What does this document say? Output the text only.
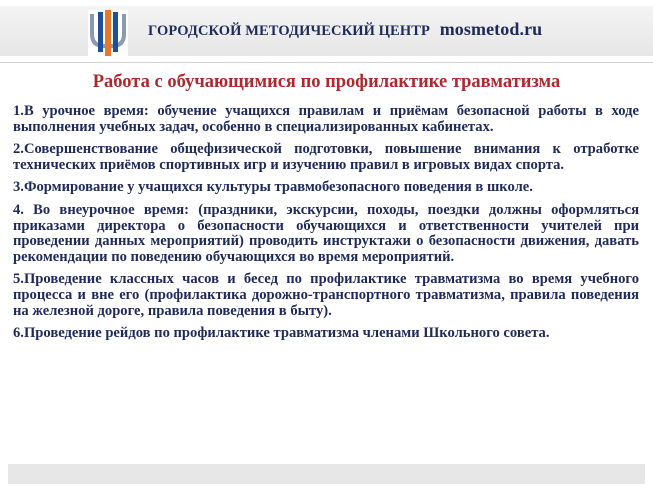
ГОРОДСКОЙ МЕТОДИЧЕСКИЙ ЦЕНТР mosmetod.ru
Работа с обучающимися по профилактике травматизма

1.В урочное время: обучение учащихся правилам и приёмам безопасной работы в ходе выполнения учебных задач, особенно в специализированных кабинетах.

2.Совершенствование общефизической подготовки, повышение внимания к отработке технических приёмов спортивных игр и изучению правил в игровых видах спорта.

3.Формирование у учащихся культуры травмобезопасного поведения в школе.

4. Во внеурочное время: (праздники, экскурсии, походы, поездки должны оформляться приказами директора о безопасности обучающихся и ответственности учителей при проведении данных мероприятий) проводить инструктажи о безопасности движения, давать рекомендации по поведению обучающихся во время мероприятий.

5.Проведение классных часов и бесед по профилактике травматизма во время учебного процесса и вне его (профилактика дорожно-транспортного травматизма, правила поведения на железной дороге, правила поведения в быту).

6.Проведение рейдов по профилактике травматизма членами Школьного совета.
